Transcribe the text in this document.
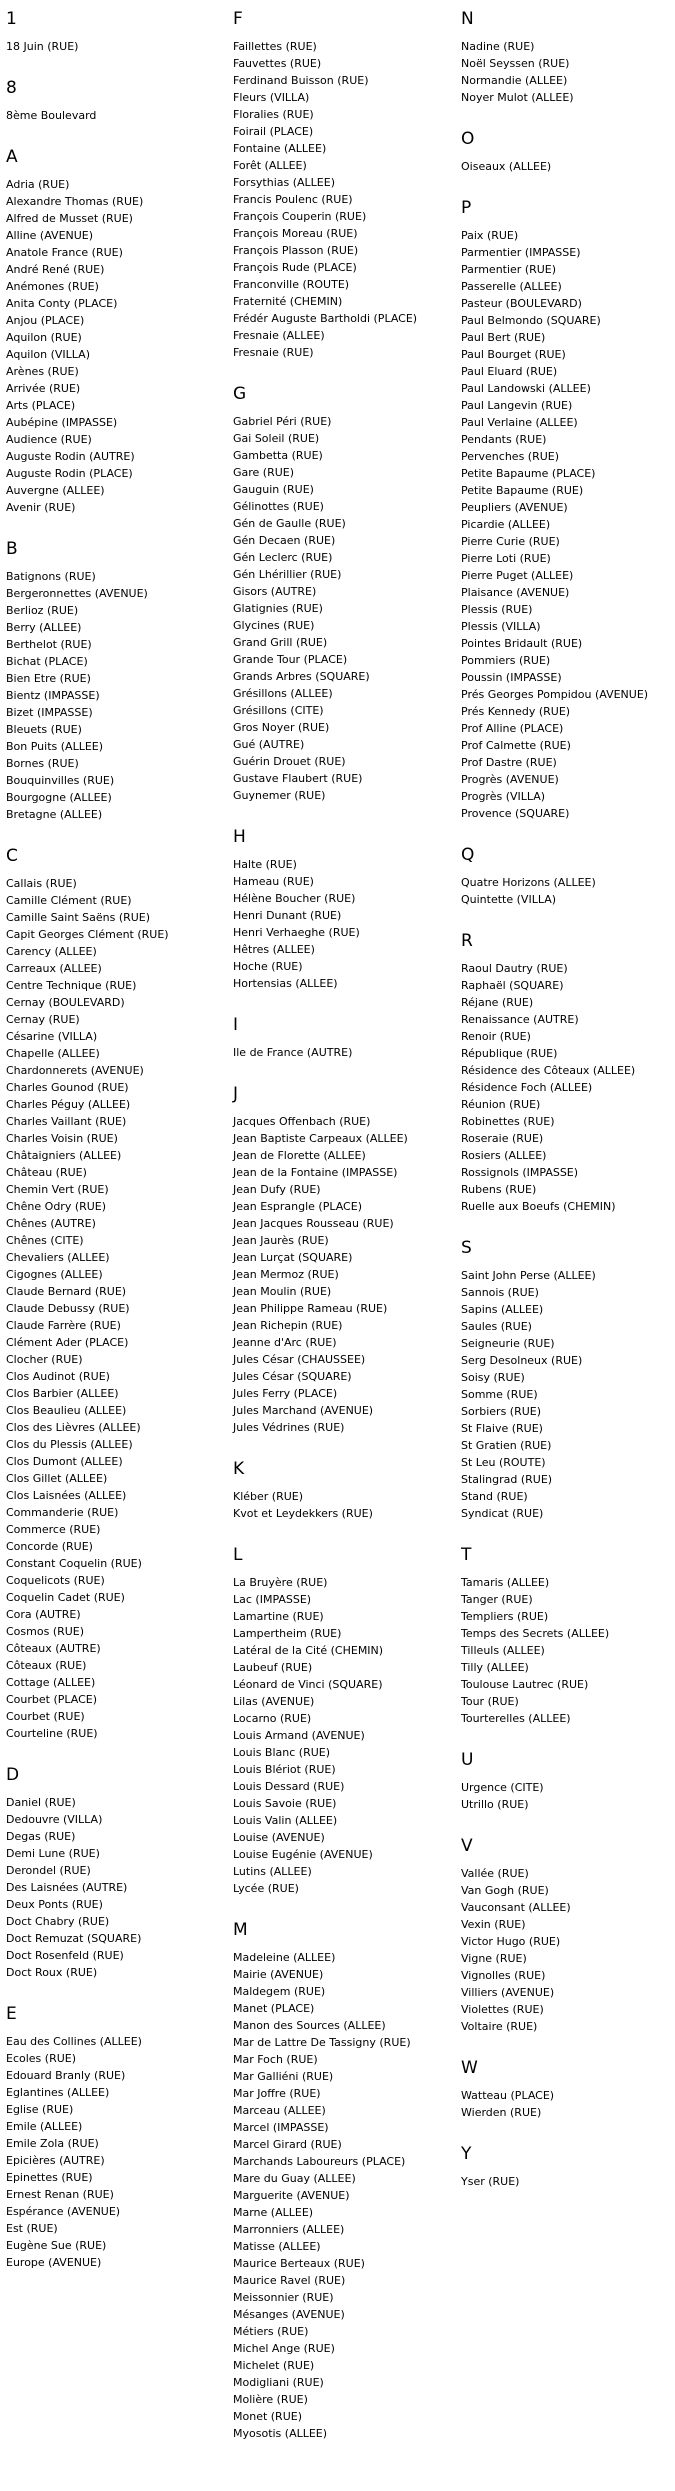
1
18 Juin (RUE)
8
8ème Boulevard
A
Adria (RUE)
Alexandre Thomas (RUE)
Alfred de Musset (RUE)
Alline (AVENUE)
Anatole France (RUE)
André René (RUE)
Anémones (RUE)
Anita Conty (PLACE)
Anjou (PLACE)
Aquilon (RUE)
Aquilon (VILLA)
Arènes (RUE)
Arrivée (RUE)
Arts (PLACE)
Aubépine (IMPASSE)
Audience (RUE)
Auguste Rodin (AUTRE)
Auguste Rodin (PLACE)
Auvergne (ALLEE)
Avenir (RUE)
B
Batignons (RUE)
Bergeronnettes (AVENUE)
Berlioz (RUE)
Berry (ALLEE)
Berthelot (RUE)
Bichat (PLACE)
Bien Etre (RUE)
Bientz (IMPASSE)
Bizet (IMPASSE)
Bleuets (RUE)
Bon Puits (ALLEE)
Bornes (RUE)
Bouquinvilles (RUE)
Bourgogne (ALLEE)
Bretagne (ALLEE)
C
Callais (RUE)
Camille Clément (RUE)
Camille Saint Saëns (RUE)
Capit Georges Clément (RUE)
Carency (ALLEE)
Carreaux (ALLEE)
Centre Technique (RUE)
Cernay (BOULEVARD)
Cernay (RUE)
Césarine (VILLA)
Chapelle (ALLEE)
Chardonnerets (AVENUE)
Charles Gounod (RUE)
Charles Péguy (ALLEE)
Charles Vaillant (RUE)
Charles Voisin (RUE)
Châtaigniers (ALLEE)
Château (RUE)
Chemin Vert (RUE)
Chêne Odry (RUE)
Chênes (AUTRE)
Chênes (CITE)
Chevaliers (ALLEE)
Cigognes (ALLEE)
Claude Bernard (RUE)
Claude Debussy (RUE)
Claude Farrère (RUE)
Clément Ader (PLACE)
Clocher (RUE)
Clos Audinot (RUE)
Clos Barbier (ALLEE)
Clos Beaulieu (ALLEE)
Clos des Lièvres (ALLEE)
Clos du Plessis (ALLEE)
Clos Dumont (ALLEE)
Clos Gillet (ALLEE)
Clos Laisnées (ALLEE)
Commanderie (RUE)
Commerce (RUE)
Concorde (RUE)
Constant Coquelin (RUE)
Coquelicots (RUE)
Coquelin Cadet (RUE)
Cora (AUTRE)
Cosmos (RUE)
Côteaux (AUTRE)
Côteaux (RUE)
Cottage (ALLEE)
Courbet (PLACE)
Courbet (RUE)
Courteline (RUE)
D
Daniel (RUE)
Dedouvre (VILLA)
Degas (RUE)
Demi Lune (RUE)
Derondel (RUE)
Des Laisnées (AUTRE)
Deux Ponts (RUE)
Doct Chabry (RUE)
Doct Remuzat (SQUARE)
Doct Rosenfeld (RUE)
Doct Roux (RUE)
E
Eau des Collines (ALLEE)
Ecoles (RUE)
Edouard Branly (RUE)
Eglantines (ALLEE)
Eglise (RUE)
Emile (ALLEE)
Emile Zola (RUE)
Epicières (AUTRE)
Epinettes (RUE)
Ernest Renan (RUE)
Espérance (AVENUE)
Est (RUE)
Eugène Sue (RUE)
Europe (AVENUE)
F
Faillettes (RUE)
Fauvettes (RUE)
Ferdinand Buisson (RUE)
Fleurs (VILLA)
Floralies (RUE)
Foirail (PLACE)
Fontaine (ALLEE)
Forêt (ALLEE)
Forsythias (ALLEE)
Francis Poulenc (RUE)
François Couperin (RUE)
François Moreau (RUE)
François Plasson (RUE)
François Rude (PLACE)
Franconville (ROUTE)
Fraternité (CHEMIN)
Frédér Auguste Bartholdi (PLACE)
Fresnaie (ALLEE)
Fresnaie (RUE)
G
Gabriel Péri (RUE)
Gai Soleil (RUE)
Gambetta (RUE)
Gare (RUE)
Gauguin (RUE)
Gélinottes (RUE)
Gén de Gaulle (RUE)
Gén Decaen (RUE)
Gén Leclerc (RUE)
Gén Lhérillier (RUE)
Gisors (AUTRE)
Glatignies (RUE)
Glycines (RUE)
Grand Grill (RUE)
Grande Tour (PLACE)
Grands Arbres (SQUARE)
Grésillons (ALLEE)
Grésillons (CITE)
Gros Noyer (RUE)
Gué (AUTRE)
Guérin Drouet (RUE)
Gustave Flaubert (RUE)
Guynemer (RUE)
H
Halte (RUE)
Hameau (RUE)
Hélène Boucher (RUE)
Henri Dunant (RUE)
Henri Verhaeghe (RUE)
Hêtres (ALLEE)
Hoche (RUE)
Hortensias (ALLEE)
I
Ile de France (AUTRE)
J
Jacques Offenbach (RUE)
Jean Baptiste Carpeaux (ALLEE)
Jean de Florette (ALLEE)
Jean de la Fontaine (IMPASSE)
Jean Dufy (RUE)
Jean Esprangle (PLACE)
Jean Jacques Rousseau (RUE)
Jean Jaurès (RUE)
Jean Lurçat (SQUARE)
Jean Mermoz (RUE)
Jean Moulin (RUE)
Jean Philippe Rameau (RUE)
Jean Richepin (RUE)
Jeanne d'Arc (RUE)
Jules César (CHAUSSEE)
Jules César (SQUARE)
Jules Ferry (PLACE)
Jules Marchand (AVENUE)
Jules Védrines (RUE)
K
Kléber (RUE)
Kvot et Leydekkers (RUE)
L
La Bruyère (RUE)
Lac (IMPASSE)
Lamartine (RUE)
Lampertheim (RUE)
Latéral de la Cité (CHEMIN)
Laubeuf (RUE)
Léonard de Vinci (SQUARE)
Lilas (AVENUE)
Locarno (RUE)
Louis Armand (AVENUE)
Louis Blanc (RUE)
Louis Blériot (RUE)
Louis Dessard (RUE)
Louis Savoie (RUE)
Louis Valin (ALLEE)
Louise (AVENUE)
Louise Eugénie (AVENUE)
Lutins (ALLEE)
Lycée (RUE)
M
Madeleine (ALLEE)
Mairie (AVENUE)
Maldegem (RUE)
Manet (PLACE)
Manon des Sources (ALLEE)
Mar de Lattre De Tassigny (RUE)
Mar Foch (RUE)
Mar Galliéni (RUE)
Mar Joffre (RUE)
Marceau (ALLEE)
Marcel (IMPASSE)
Marcel Girard (RUE)
Marchands Laboureurs (PLACE)
Mare du Guay (ALLEE)
Marguerite (AVENUE)
Marne (ALLEE)
Marronniers (ALLEE)
Matisse (ALLEE)
Maurice Berteaux (RUE)
Maurice Ravel (RUE)
Meissonnier (RUE)
Mésanges (AVENUE)
Métiers (RUE)
Michel Ange (RUE)
Michelet (RUE)
Modigliani (RUE)
Molière (RUE)
Monet (RUE)
Myosotis (ALLEE)
N
Nadine (RUE)
Noël Seyssen (RUE)
Normandie (ALLEE)
Noyer Mulot (ALLEE)
O
Oiseaux (ALLEE)
P
Paix (RUE)
Parmentier (IMPASSE)
Parmentier (RUE)
Passerelle (ALLEE)
Pasteur (BOULEVARD)
Paul Belmondo (SQUARE)
Paul Bert (RUE)
Paul Bourget (RUE)
Paul Eluard (RUE)
Paul Landowski (ALLEE)
Paul Langevin (RUE)
Paul Verlaine (ALLEE)
Pendants (RUE)
Pervenches (RUE)
Petite Bapaume (PLACE)
Petite Bapaume (RUE)
Peupliers (AVENUE)
Picardie (ALLEE)
Pierre Curie (RUE)
Pierre Loti (RUE)
Pierre Puget (ALLEE)
Plaisance (AVENUE)
Plessis (RUE)
Plessis (VILLA)
Pointes Bridault (RUE)
Pommiers (RUE)
Poussin (IMPASSE)
Prés Georges Pompidou (AVENUE)
Prés Kennedy (RUE)
Prof Alline (PLACE)
Prof Calmette (RUE)
Prof Dastre (RUE)
Progrès (AVENUE)
Progrès (VILLA)
Provence (SQUARE)
Q
Quatre Horizons (ALLEE)
Quintette (VILLA)
R
Raoul Dautry (RUE)
Raphaël (SQUARE)
Réjane (RUE)
Renaissance (AUTRE)
Renoir (RUE)
République (RUE)
Résidence des Côteaux (ALLEE)
Résidence Foch (ALLEE)
Réunion (RUE)
Robinettes (RUE)
Roseraie (RUE)
Rosiers (ALLEE)
Rossignols (IMPASSE)
Rubens (RUE)
Ruelle aux Boeufs (CHEMIN)
S
Saint John Perse (ALLEE)
Sannois (RUE)
Sapins (ALLEE)
Saules (RUE)
Seigneurie (RUE)
Serg Desolneux (RUE)
Soisy (RUE)
Somme (RUE)
Sorbiers (RUE)
St Flaive (RUE)
St Gratien (RUE)
St Leu (ROUTE)
Stalingrad (RUE)
Stand (RUE)
Syndicat (RUE)
T
Tamaris (ALLEE)
Tanger (RUE)
Templiers (RUE)
Temps des Secrets (ALLEE)
Tilleuls (ALLEE)
Tilly (ALLEE)
Toulouse Lautrec (RUE)
Tour (RUE)
Tourterelles (ALLEE)
U
Urgence (CITE)
Utrillo (RUE)
V
Vallée (RUE)
Van Gogh (RUE)
Vauconsant (ALLEE)
Vexin (RUE)
Victor Hugo (RUE)
Vigne (RUE)
Vignolles (RUE)
Villiers (AVENUE)
Violettes (RUE)
Voltaire (RUE)
W
Watteau (PLACE)
Wierden (RUE)
Y
Yser (RUE)
